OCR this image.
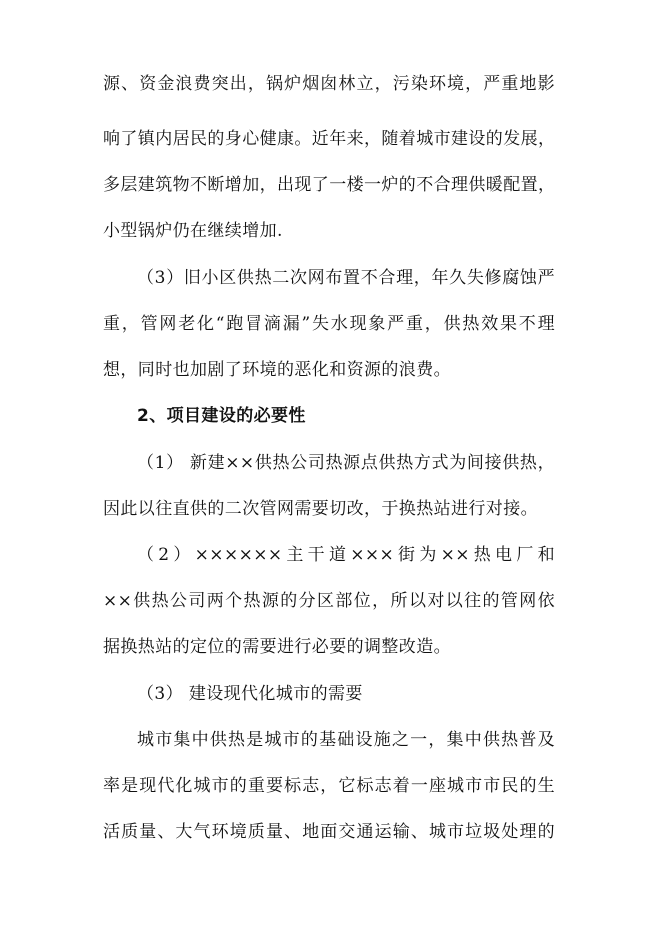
源、资金浪费突出，锅炉烟囱林立，污染环境，严重地影
响了镇内居民的身心健康。近年来，随着城市建设的发展，
多层建筑物不断增加，出现了一楼一炉的不合理供暖配置，
小型锅炉仍在继续增加.
（3）旧小区供热二次网布置不合理，年久失修腐蚀严
重，管网老化“跑冒滴漏”失水现象严重，供热效果不理
想，同时也加剧了环境的恶化和资源的浪费。
2、项目建设的必要性
（1） 新建××供热公司热源点供热方式为间接供热，
因此以往直供的二次管网需要切改，于换热站进行对接。
（2）××××××主干道×××街为××热电厂和
××供热公司两个热源的分区部位，所以对以往的管网依
据换热站的定位的需要进行必要的调整改造。
（3） 建设现代化城市的需要
城市集中供热是城市的基础设施之一，集中供热普及
率是现代化城市的重要标志，它标志着一座城市市民的生
活质量、大气环境质量、地面交通运输、城市垃圾处理的
